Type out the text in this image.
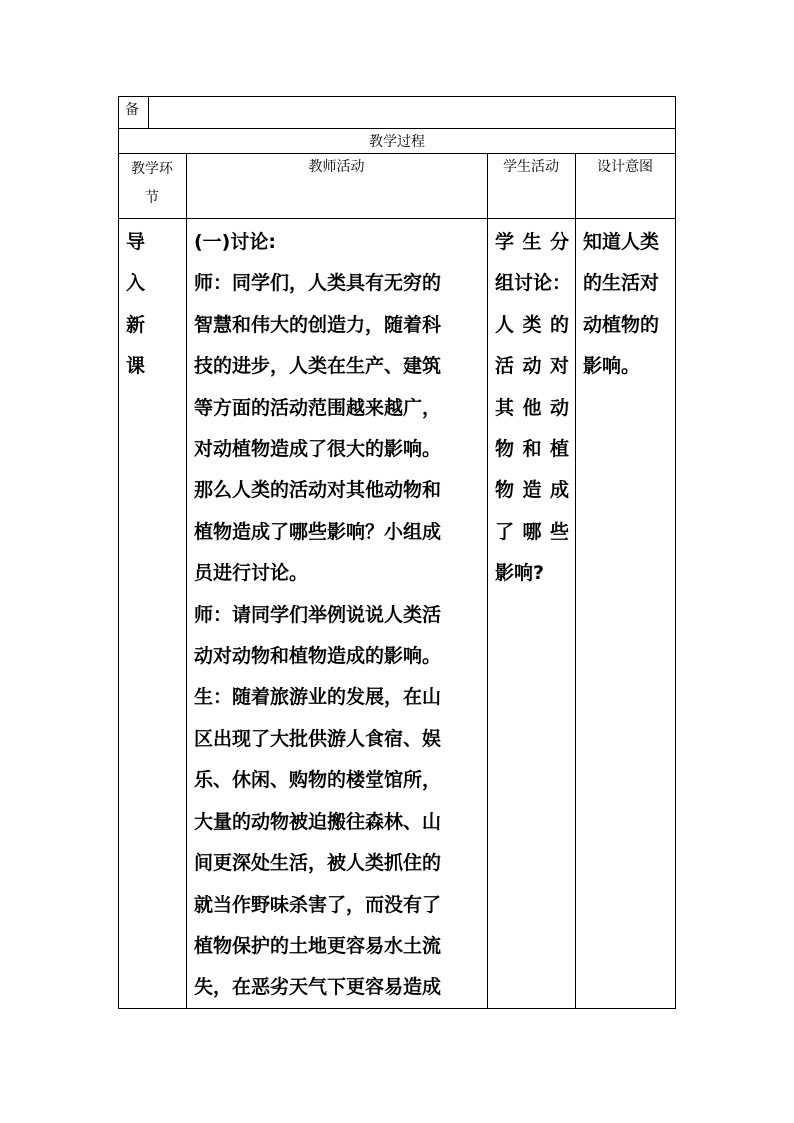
备
教学过程
教学环
节
教师活动	学生活动	设计意图
导
入
新
课
(一)讨论:
师：同学们，人类具有无穷的
智慧和伟大的创造力，随着科
技的进步，人类在生产、建筑
等方面的活动范围越来越广，
对动植物造成了很大的影响。
那么人类的活动对其他动物和
植物造成了哪些影响？小组成
员进行讨论。
师：请同学们举例说说人类活
动对动物和植物造成的影响。
生：随着旅游业的发展，在山
区出现了大批供游人食宿、娱
乐、休闲、购物的楼堂馆所，
大量的动物被迫搬往森林、山
间更深处生活，被人类抓住的
就当作野味杀害了，而没有了
植物保护的土地更容易水土流
失，在恶劣天气下更容易造成
学 生 分
组 讨 论 ：
人 类 的
活 动 对
其 他 动
物 和 植
物 造 成
了 哪 些
影响?
知道人类
的生活对
动植物的
影响。
